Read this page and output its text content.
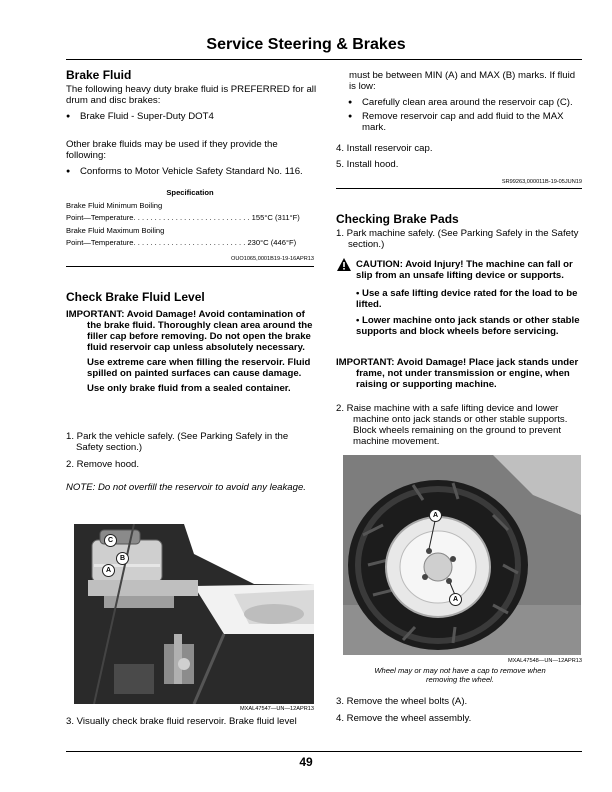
Service Steering & Brakes
Brake Fluid
The following heavy duty brake fluid is PREFERRED for all drum and disc brakes:
● Brake Fluid - Super-Duty DOT4
Other brake fluids may be used if they provide the following:
● Conforms to Motor Vehicle Safety Standard No. 116.
Specification
Brake Fluid Minimum Boiling
Point—Temperature. . . . . . . . . . . . . . . . . . . . . . . . . . . . 155°C (311°F)
Brake Fluid Maximum Boiling
Point—Temperature. . . . . . . . . . . . . . . . . . . . . . . . . . . 230°C (446°F)
OUO1065,0001B19-19-16APR13
Check Brake Fluid Level
IMPORTANT: Avoid Damage! Avoid contamination of the brake fluid. Thoroughly clean area around the filler cap before removing. Do not open the brake fluid reservoir cap unless absolutely necessary.
Use extreme care when filling the reservoir. Fluid spilled on painted surfaces can cause damage.
Use only brake fluid from a sealed container.
1. Park the vehicle safely. (See Parking Safely in the Safety section.)
2. Remove hood.
NOTE: Do not overfill the reservoir to avoid any leakage.
C
B
A
MXAL47547—UN—12APR13
3. Visually check brake fluid reservoir. Brake fluid level
must be between MIN (A) and MAX (B) marks. If fluid is low:
● Carefully clean area around the reservoir cap (C).
● Remove reservoir cap and add fluid to the MAX mark.
4. Install reservoir cap.
5. Install hood.
SR99263,000011B-19-05JUN19
Checking Brake Pads
1. Park machine safely. (See Parking Safely in the Safety section.)
CAUTION: Avoid Injury! The machine can fall or slip from an unsafe lifting device or supports.
• Use a safe lifting device rated for the load to be lifted.
• Lower machine onto jack stands or other stable supports and block wheels before servicing.
IMPORTANT: Avoid Damage! Place jack stands under frame, not under transmission or engine, when raising or supporting machine.
2. Raise machine with a safe lifting device and lower machine onto jack stands or other stable supports. Block wheels remaining on the ground to prevent machine movement.
A
A
MXAL47548—UN—12APR13
Wheel may or may not have a cap to remove when removing the wheel.
3. Remove the wheel bolts (A).
4. Remove the wheel assembly.
49
